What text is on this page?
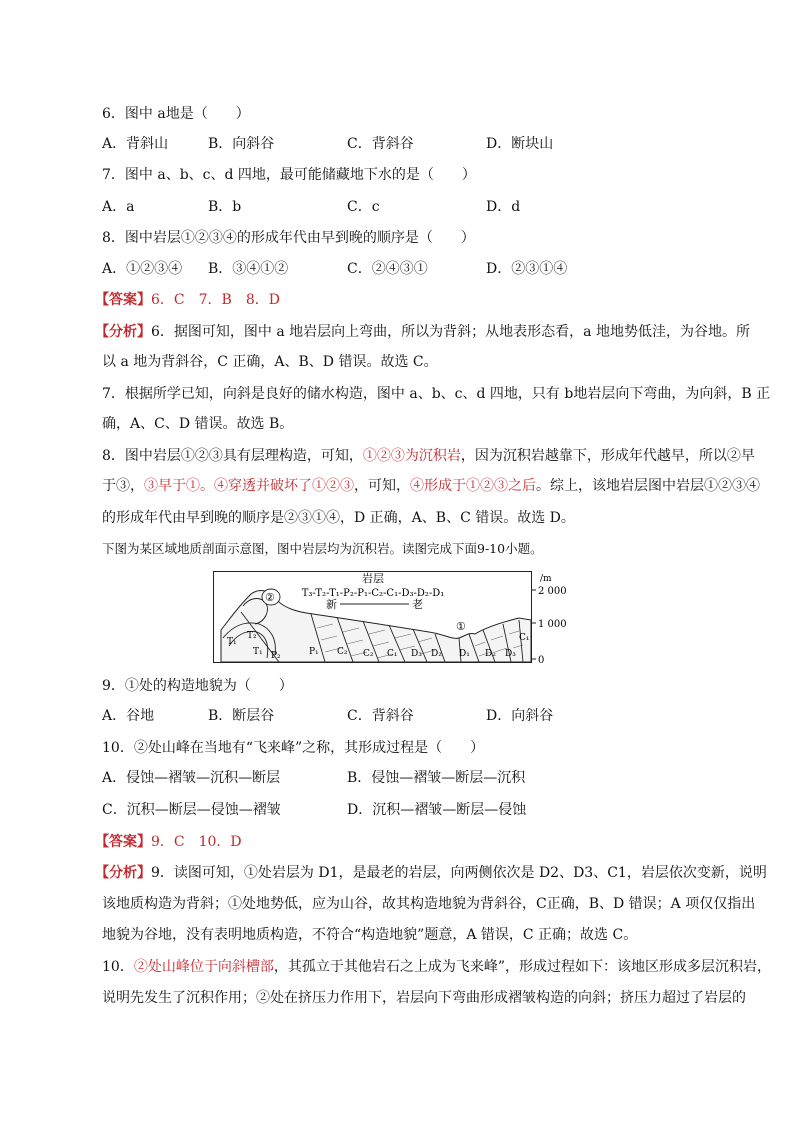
6．图中 a地是（　　）
A．背斜山	B．向斜谷	C．背斜谷	D．断块山
7．图中 a、b、c、d 四地，最可能储藏地下水的是（　　）
A．a	B．b	C．c	D．d
8．图中岩层①②③④的形成年代由早到晚的顺序是（　　）
A．①②③④ B．③④①②	C．②④③①	D．②③①④
【答案】6．C　7．B　8．D
【分析】6．据图可知，图中 a 地岩层向上弯曲，所以为背斜；从地表形态看，a 地地势低洼，为谷地。所
以 a 地为背斜谷，C 正确，A、B、D 错误。故选 C。
7．根据所学已知，向斜是良好的储水构造，图中 a、b、c、d 四地，只有 b地岩层向下弯曲，为向斜，B 正
确，A、C、D 错误。故选 B。
8．图中岩层①②③具有层理构造，可知，①②③为沉积岩，因为沉积岩越靠下，形成年代越早，所以②早
于③，③早于①。④穿透并破坏了①②③，可知，④形成于①②③之后。综上，该地岩层图中岩层①②③④
的形成年代由早到晚的顺序是②③①④，D 正确，A、B、C 错误。故选 D。
下图为某区域地质剖面示意图，图中岩层均为沉积岩。读图完成下面9-10小题。
/m
2 000
1 000
0
岩层
T₃-T₂-T₁-P₂-P₁-C₂-C₁-D₃-D₂-D₁
新	老
②
①
T₁
T₂
T₁ P₂	P₁ C₂ C₂ C₁ D₃ D₂ D₁ D₂ D₃
C₁
9．①处的构造地貌为（　　）
A．谷地	B．断层谷	C．背斜谷	D．向斜谷
10．②处山峰在当地有“飞来峰”之称，其形成过程是（　　）
A．侵蚀—褶皱—沉积—断层	B．侵蚀—褶皱—断层—沉积
C．沉积—断层—侵蚀—褶皱	D．沉积—褶皱—断层—侵蚀
【答案】9．C　10．D
【分析】9．读图可知，①处岩层为 D1，是最老的岩层，向两侧依次是 D2、D3、C1，岩层依次变新，说明
该地质构造为背斜；①处地势低，应为山谷，故其构造地貌为背斜谷，C正确，B、D 错误；A 项仅仅指出
地貌为谷地，没有表明地质构造，不符合“构造地貌”题意，A 错误，C 正确；故选 C。
10．②处山峰位于向斜槽部，其孤立于其他岩石之上成为飞来峰”，形成过程如下：该地区形成多层沉积岩，
说明先发生了沉积作用；②处在挤压力作用下，岩层向下弯曲形成褶皱构造的向斜；挤压力超过了岩层的
